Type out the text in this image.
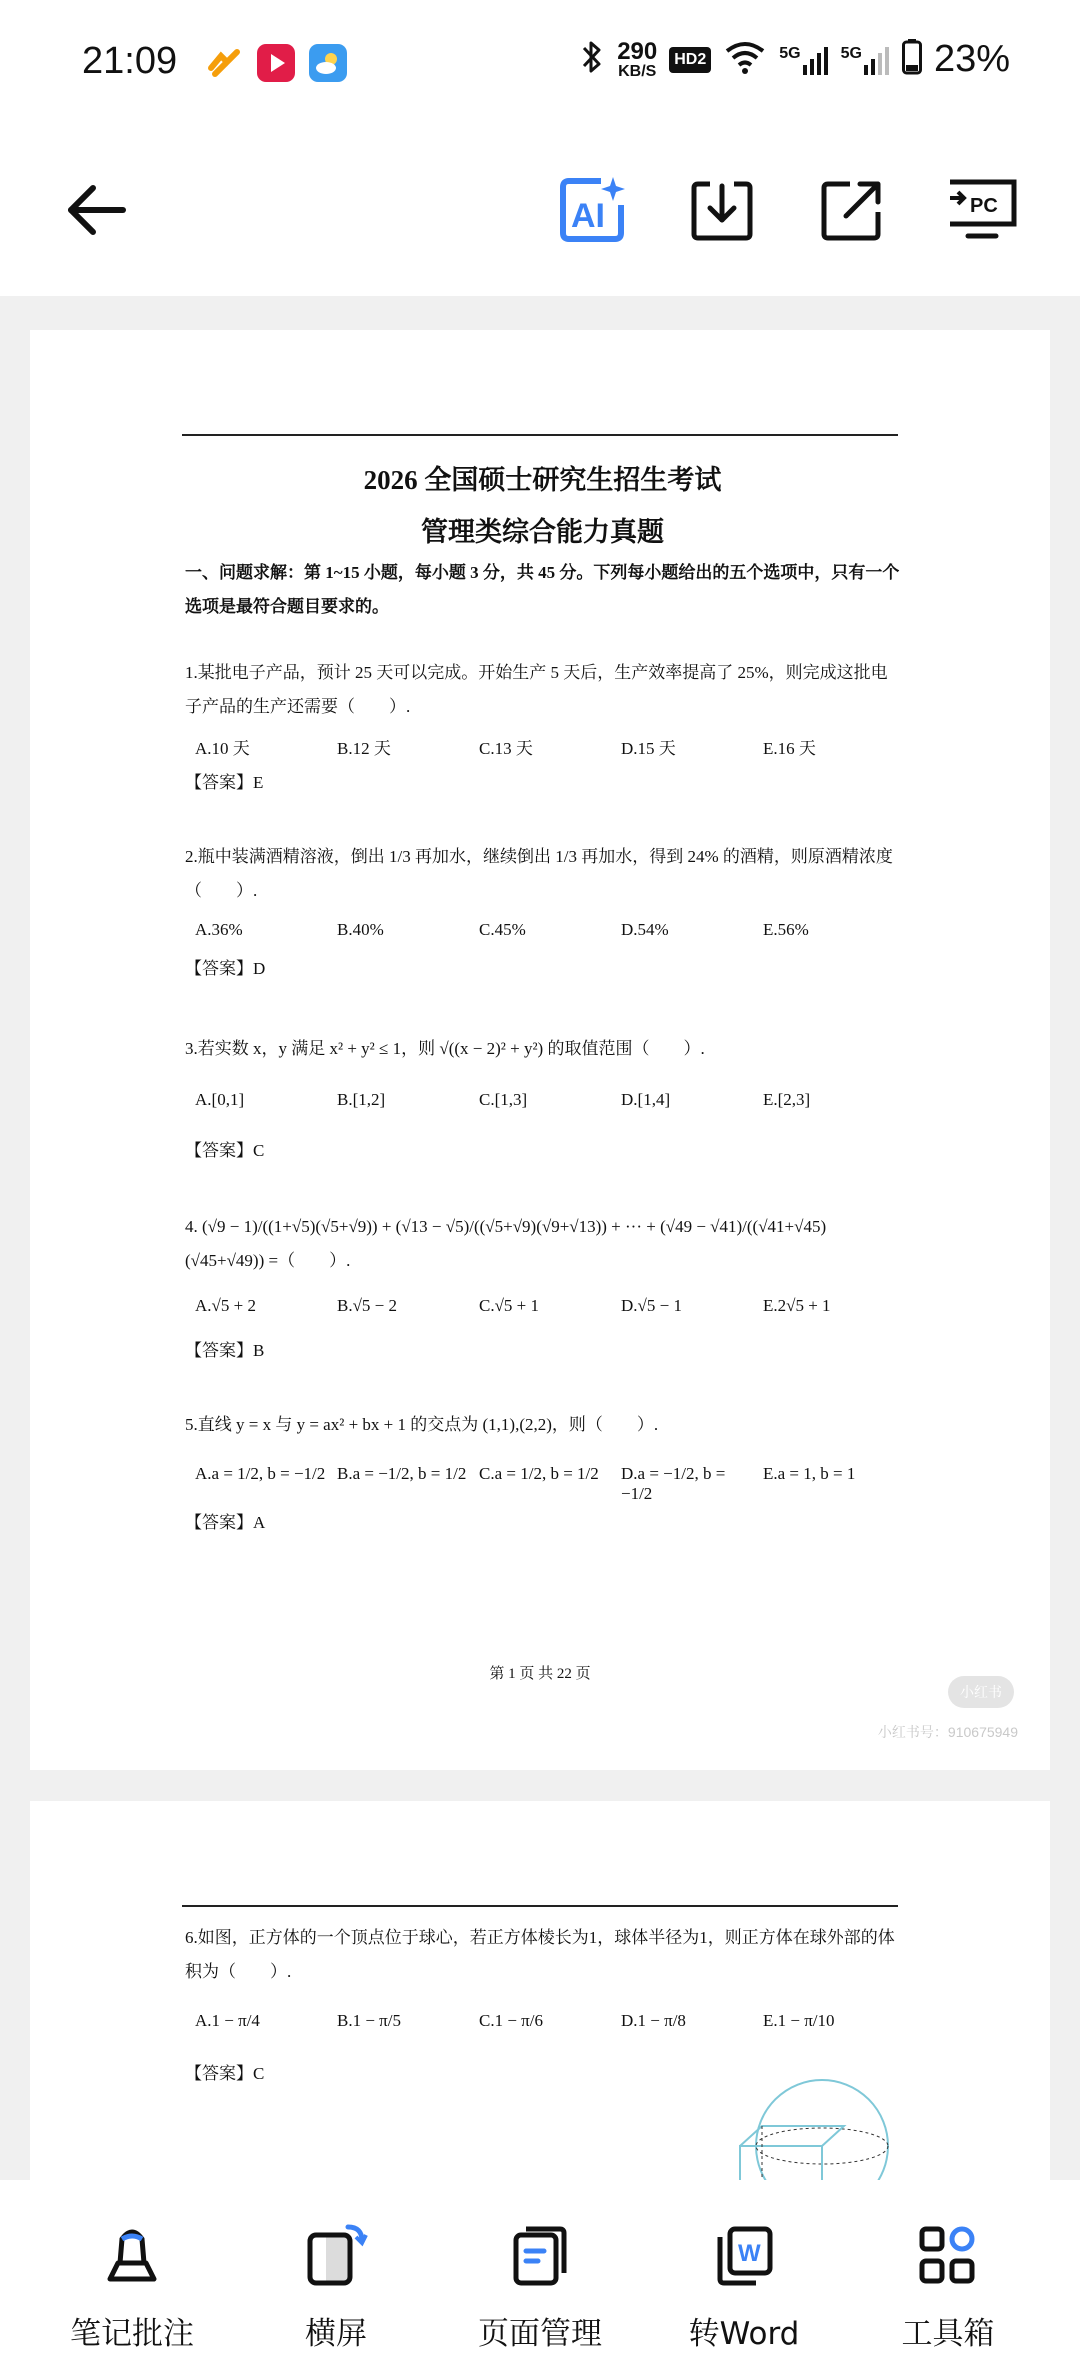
21:09	290
KB/S
HD2	5G	5G 23%
AI	PC
2026 全国硕士研究生招生考试
管理类综合能力真题
一、问题求解：第 1~15 小题，每小题 3 分，共 45 分。下列每小题给出的五个选项中，只有一个选项是最符合题目要求的。
1.某批电子产品，预计 25 天可以完成。开始生产 5 天后，生产效率提高了 25%，则完成这批电子产品的生产还需要（　　）.
A.10 天	B.12 天	C.13 天	D.15 天	E.16 天
【答案】E
2.瓶中装满酒精溶液，倒出 1/3 再加水，继续倒出 1/3 再加水，得到 24% 的酒精，则原酒精浓度（　　）.
A.36%	B.40%	C.45%	D.54%	E.56%
【答案】D
3.若实数 x，y 满足 x² + y² ≤ 1，则 √((x − 2)² + y²) 的取值范围（　　）.
A.[0,1]	B.[1,2]	C.[1,3]	D.[1,4]	E.[2,3]
【答案】C
4. (√9 − 1)/((1+√5)(√5+√9)) + (√13 − √5)/((√5+√9)(√9+√13)) + ··· + (√49 − √41)/((√41+√45)(√45+√49)) =（　　）.
A.√5 + 2	B.√5 − 2	C.√5 + 1	D.√5 − 1	E.2√5 + 1
【答案】B
5.直线 y = x 与 y = ax² + bx + 1 的交点为 (1,1),(2,2)，则（　　）.
A.a = 1/2, b = −1/2 B.a = −1/2, b = 1/2 C.a = 1/2, b = 1/2	D.a = −1/2, b = −1/2
E.a = 1, b = 1
【答案】A
第 1 页 共 22 页
小红书
小红书号：910675949
6.如图，正方体的一个顶点位于球心，若正方体棱长为1，球体半径为1，则正方体在球外部的体积为（　　）.
A.1 − π/4	B.1 − π/5	C.1 − π/6	D.1 − π/8	E.1 − π/10
【答案】C
笔记批注	横屏	页面管理
W
转Word	工具箱
